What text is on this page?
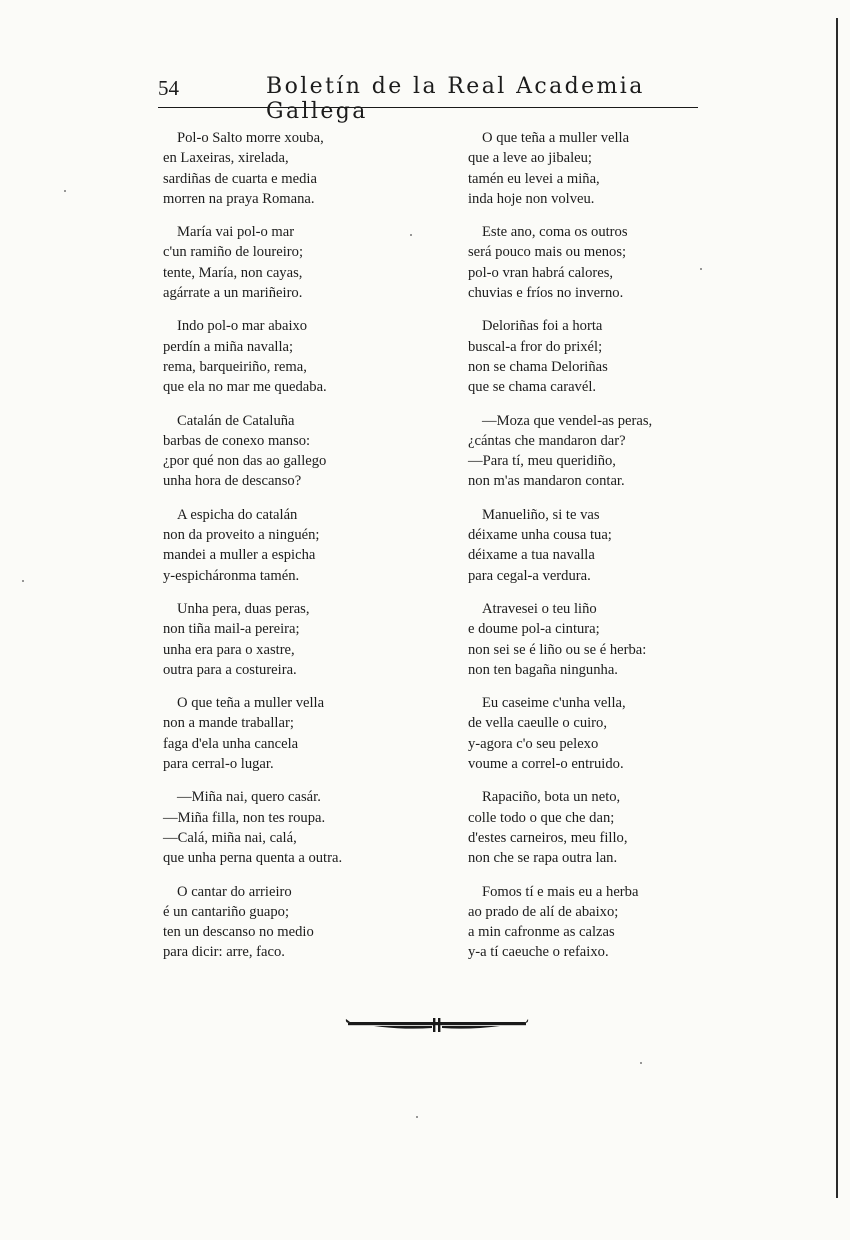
54	Boletín de la Real Academia Gallega
Pol-o Salto morre xouba,
en Laxeiras, xirelada,
sardiñas de cuarta e media
morren na praya Romana.
María vai pol-o mar
c'un ramiño de loureiro;
tente, María, non cayas,
agárrate a un mariñeiro.
Indo pol-o mar abaixo
perdín a miña navalla;
rema, barqueiriño, rema,
que ela no mar me quedaba.
Catalán de Cataluña
barbas de conexo manso:
¿por qué non das ao gallego
unha hora de descanso?
A espicha do catalán
non da proveito a ninguén;
mandei a muller a espicha
y-espicháronma tamén.
Unha pera, duas peras,
non tiña mail-a pereira;
unha era para o xastre,
outra para a costureira.
O que teña a muller vella
non a mande traballar;
faga d'ela unha cancela
para cerral-o lugar.
—Miña nai, quero casár.
—Miña filla, non tes roupa.
—Calá, miña nai, calá,
que unha perna quenta a outra.
O cantar do arrieiro
é un cantariño guapo;
ten un descanso no medio
para dicir: arre, faco.
O que teña a muller vella
que a leve ao jibaleu;
tamén eu levei a miña,
inda hoje non volveu.
Este ano, coma os outros
será pouco mais ou menos;
pol-o vran habrá calores,
chuvias e fríos no inverno.
Deloriñas foi a horta
buscal-a fror do prixél;
non se chama Deloriñas
que se chama caravél.
—Moza que vendel-as peras,
¿cántas che mandaron dar?
—Para tí, meu queridiño,
non m'as mandaron contar.
Manueliño, si te vas
déixame unha cousa tua;
déixame a tua navalla
para cegal-a verdura.
Atravesei o teu liño
e doume pol-a cintura;
non sei se é liño ou se é herba:
non ten bagaña ningunha.
Eu caseime c'unha vella,
de vella caeulle o cuiro,
y-agora c'o seu pelexo
voume a correl-o entruido.
Rapaciño, bota un neto,
colle todo o que che dan;
d'estes carneiros, meu fillo,
non che se rapa outra lan.
Fomos tí e mais eu a herba
ao prado de alí de abaixo;
a min cafronme as calzas
y-a tí caeuche o refaixo.
